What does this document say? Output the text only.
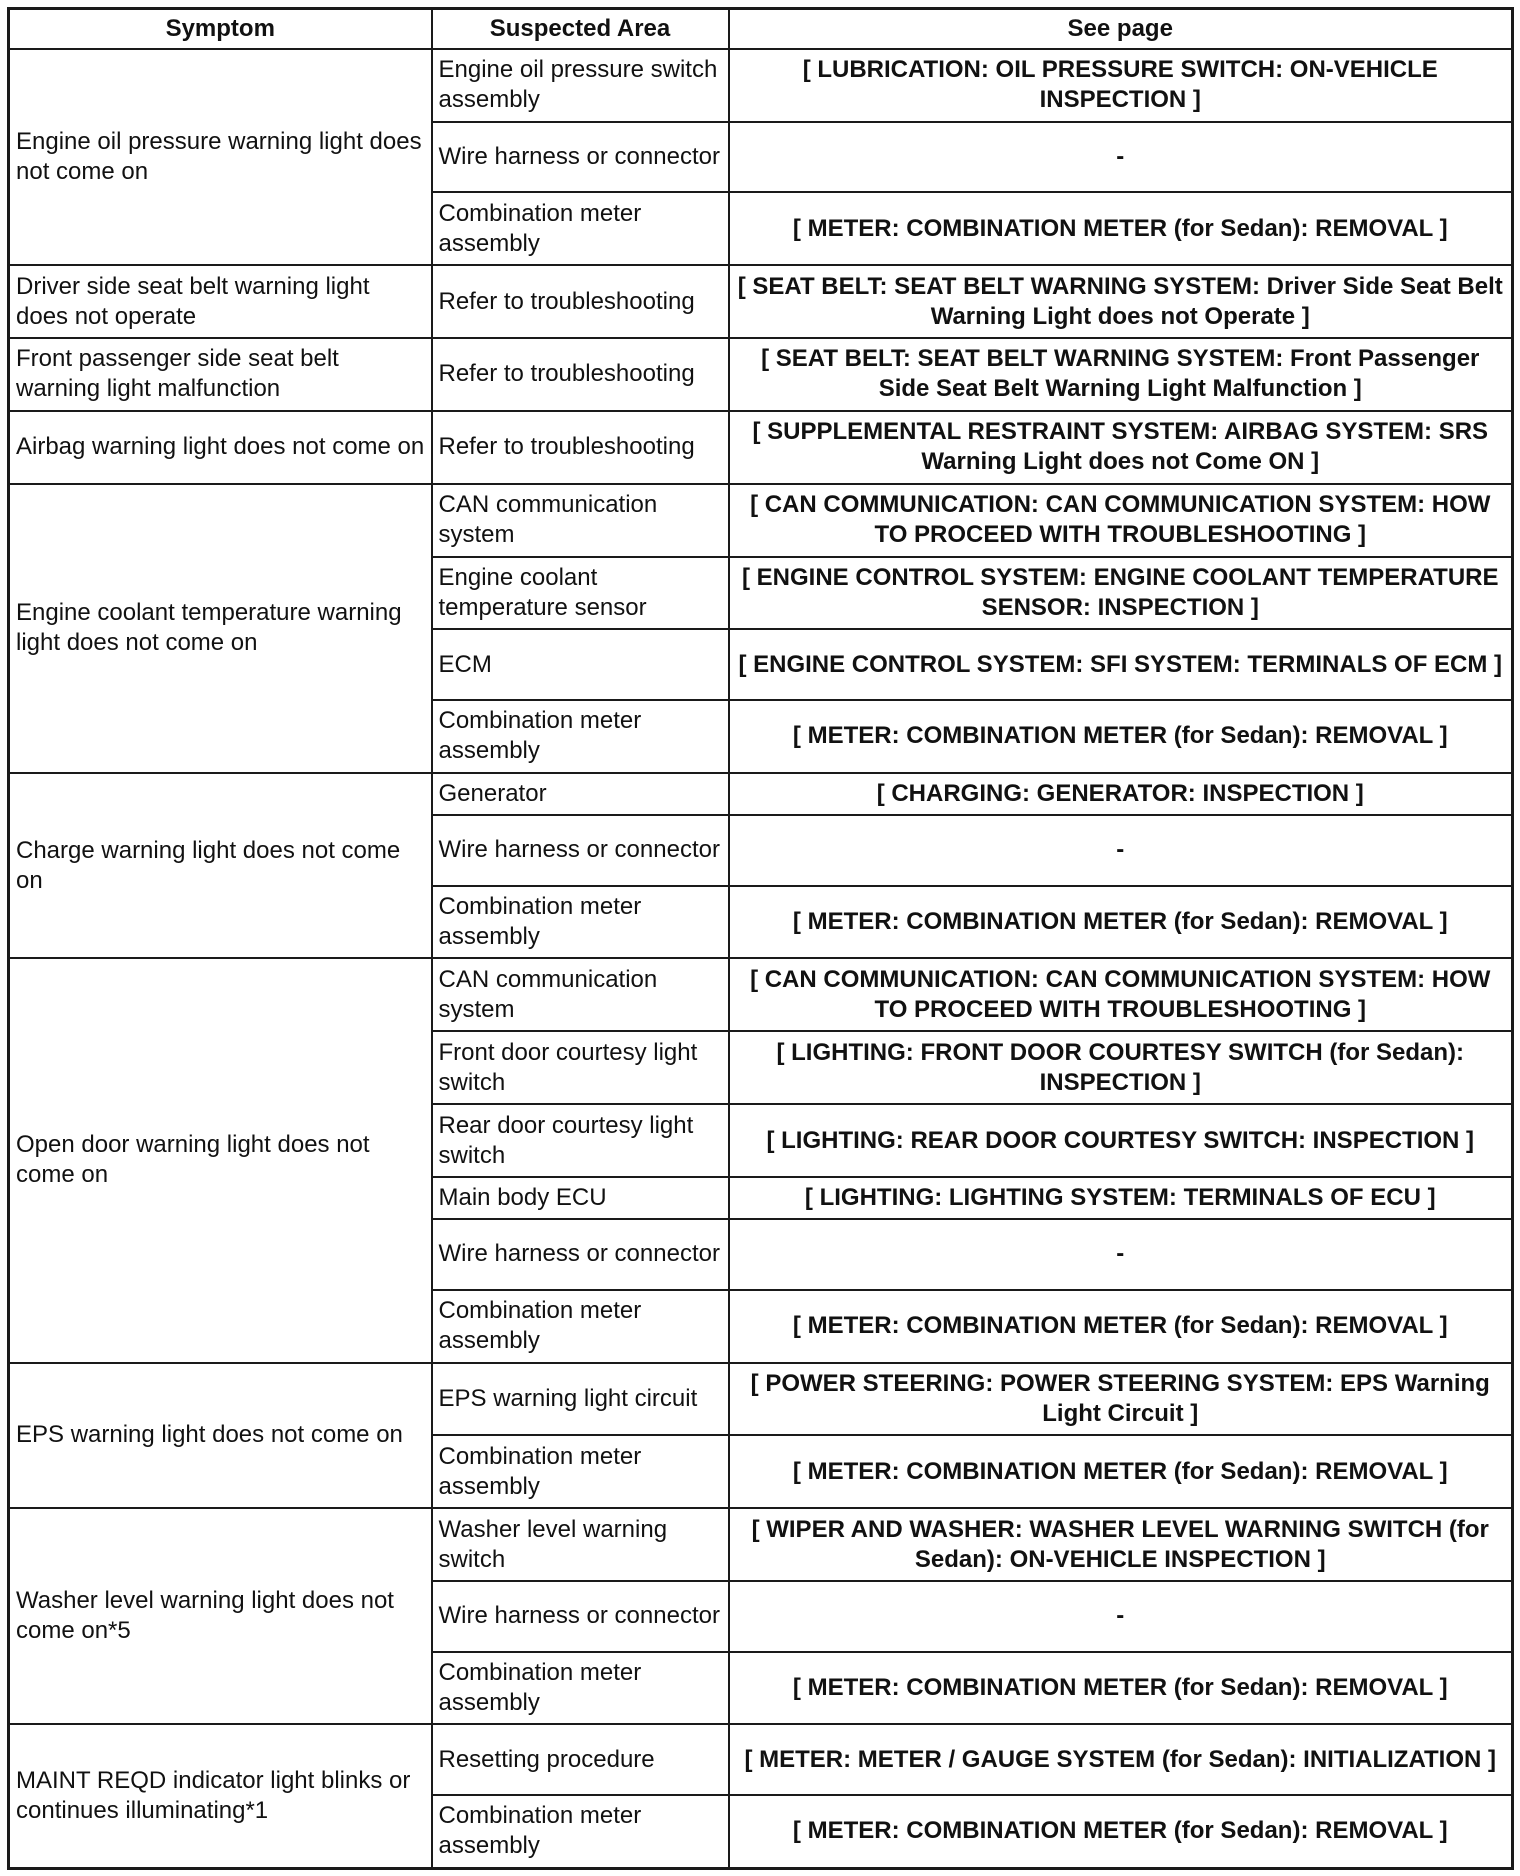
Symptom	Suspected Area	See page
Engine oil pressure warning light does not come on	Engine oil pressure switch assembly	[ LUBRICATION: OIL PRESSURE SWITCH: ON-VEHICLE INSPECTION ]
	Wire harness or connector	-
	Combination meter assembly	[ METER: COMBINATION METER (for Sedan): REMOVAL ]
Driver side seat belt warning light does not operate	Refer to troubleshooting	[ SEAT BELT: SEAT BELT WARNING SYSTEM: Driver Side Seat Belt Warning Light does not Operate ]
Front passenger side seat belt warning light malfunction	Refer to troubleshooting	[ SEAT BELT: SEAT BELT WARNING SYSTEM: Front Passenger Side Seat Belt Warning Light Malfunction ]
Airbag warning light does not come on	Refer to troubleshooting	[ SUPPLEMENTAL RESTRAINT SYSTEM: AIRBAG SYSTEM: SRS Warning Light does not Come ON ]
Engine coolant temperature warning light does not come on	CAN communication system	[ CAN COMMUNICATION: CAN COMMUNICATION SYSTEM: HOW TO PROCEED WITH TROUBLESHOOTING ]
	Engine coolant temperature sensor	[ ENGINE CONTROL SYSTEM: ENGINE COOLANT TEMPERATURE SENSOR: INSPECTION ]
	ECM	[ ENGINE CONTROL SYSTEM: SFI SYSTEM: TERMINALS OF ECM ]
	Combination meter assembly	[ METER: COMBINATION METER (for Sedan): REMOVAL ]
Charge warning light does not come on	Generator	[ CHARGING: GENERATOR: INSPECTION ]
	Wire harness or connector	-
	Combination meter assembly	[ METER: COMBINATION METER (for Sedan): REMOVAL ]
Open door warning light does not come on	CAN communication system	[ CAN COMMUNICATION: CAN COMMUNICATION SYSTEM: HOW TO PROCEED WITH TROUBLESHOOTING ]
	Front door courtesy light switch	[ LIGHTING: FRONT DOOR COURTESY SWITCH (for Sedan): INSPECTION ]
	Rear door courtesy light switch	[ LIGHTING: REAR DOOR COURTESY SWITCH: INSPECTION ]
	Main body ECU	[ LIGHTING: LIGHTING SYSTEM: TERMINALS OF ECU ]
	Wire harness or connector	-
	Combination meter assembly	[ METER: COMBINATION METER (for Sedan): REMOVAL ]
EPS warning light does not come on	EPS warning light circuit	[ POWER STEERING: POWER STEERING SYSTEM: EPS Warning Light Circuit ]
	Combination meter assembly	[ METER: COMBINATION METER (for Sedan): REMOVAL ]
Washer level warning light does not come on*5	Washer level warning switch	[ WIPER AND WASHER: WASHER LEVEL WARNING SWITCH (for Sedan): ON-VEHICLE INSPECTION ]
	Wire harness or connector	-
	Combination meter assembly	[ METER: COMBINATION METER (for Sedan): REMOVAL ]
MAINT REQD indicator light blinks or continues illuminating*1	Resetting procedure	[ METER: METER / GAUGE SYSTEM (for Sedan): INITIALIZATION ]
	Combination meter assembly	[ METER: COMBINATION METER (for Sedan): REMOVAL ]
